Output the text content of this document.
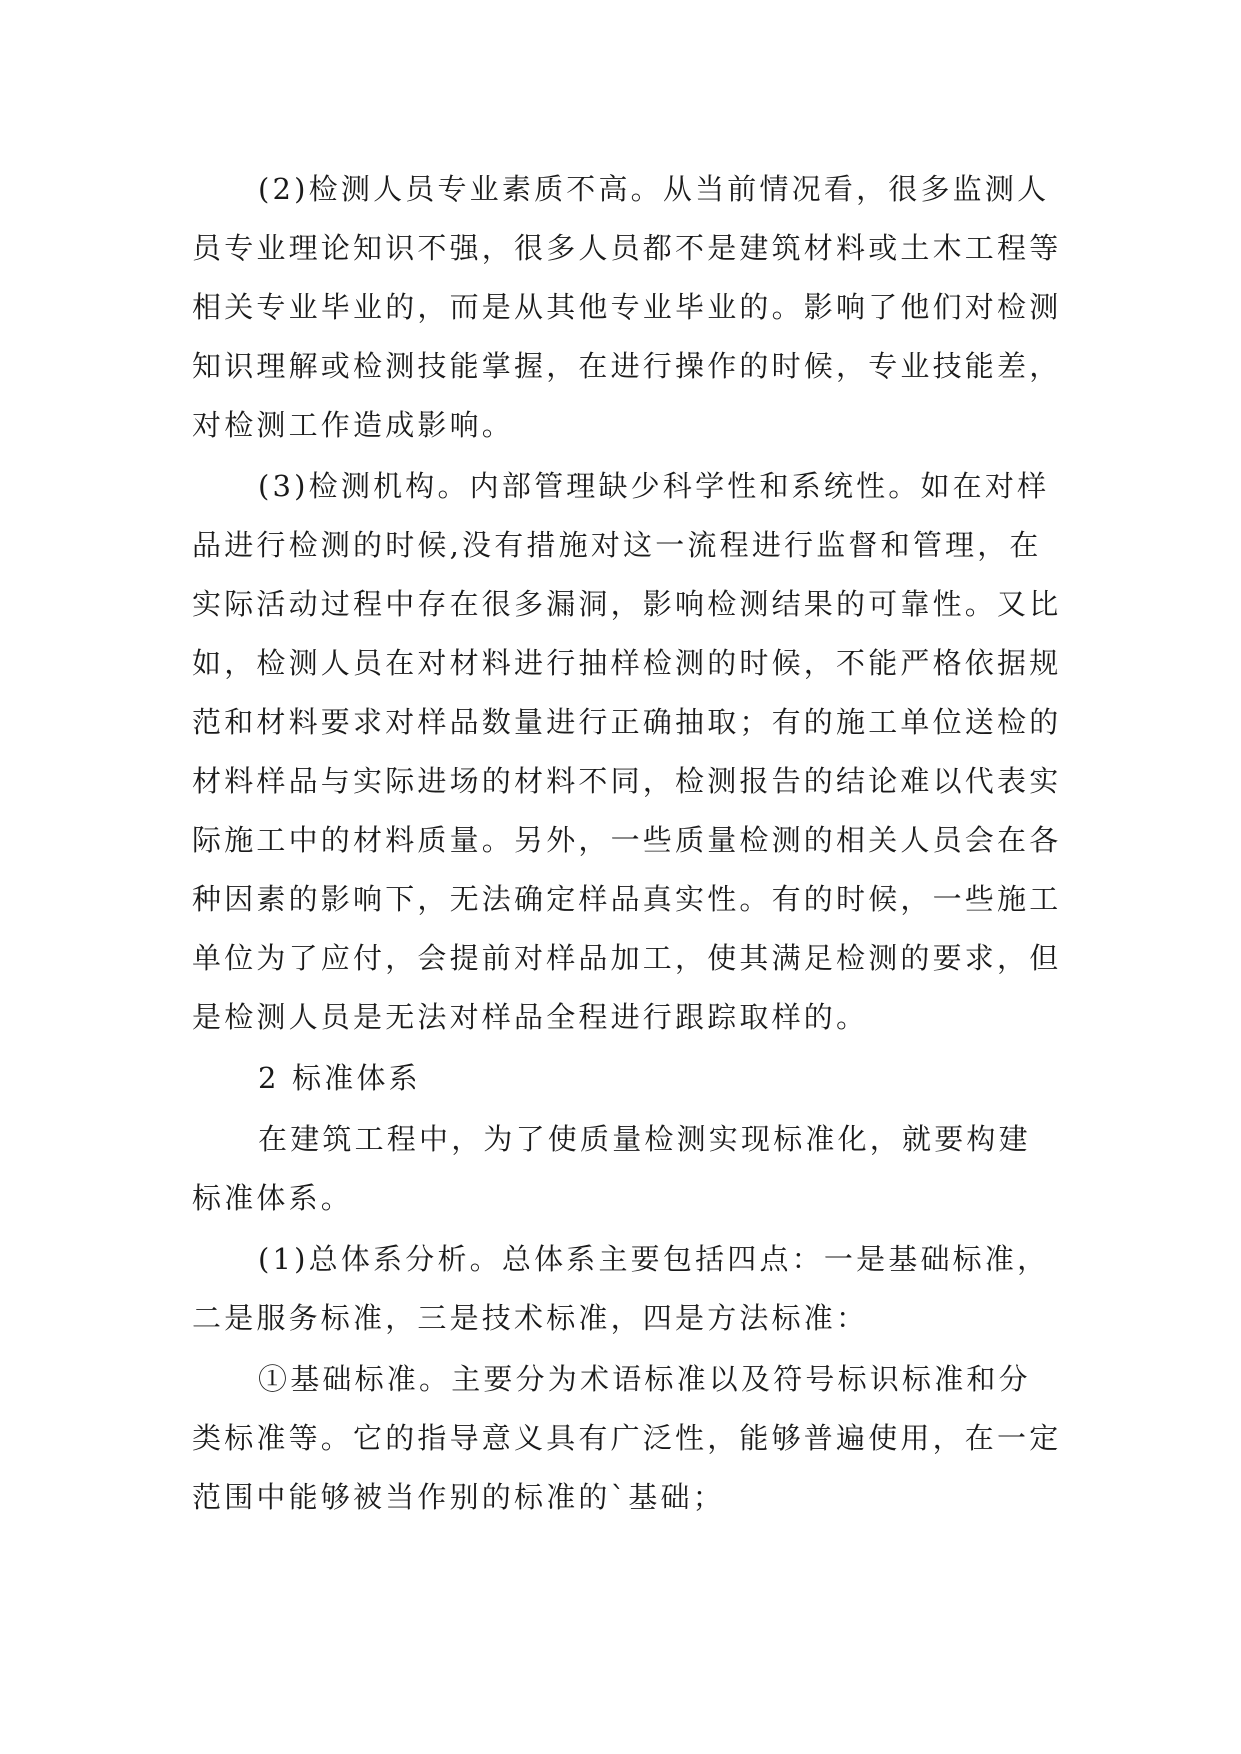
(2)检测人员专业素质不高。从当前情况看，很多监测人员专业理论知识不强，很多人员都不是建筑材料或土木工程等相关专业毕业的，而是从其他专业毕业的。影响了他们对检测知识理解或检测技能掌握，在进行操作的时候，专业技能差，对检测工作造成影响。

(3)检测机构。内部管理缺少科学性和系统性。如在对样品进行检测的时候,没有措施对这一流程进行监督和管理，在实际活动过程中存在很多漏洞，影响检测结果的可靠性。又比如，检测人员在对材料进行抽样检测的时候，不能严格依据规范和材料要求对样品数量进行正确抽取；有的施工单位送检的材料样品与实际进场的材料不同，检测报告的结论难以代表实际施工中的材料质量。另外，一些质量检测的相关人员会在各种因素的影响下，无法确定样品真实性。有的时候，一些施工单位为了应付，会提前对样品加工，使其满足检测的要求，但是检测人员是无法对样品全程进行跟踪取样的。

2 标准体系

在建筑工程中，为了使质量检测实现标准化，就要构建标准体系。

(1)总体系分析。总体系主要包括四点：一是基础标准，二是服务标准，三是技术标准，四是方法标准：

①基础标准。主要分为术语标准以及符号标识标准和分类标准等。它的指导意义具有广泛性，能够普遍使用，在一定范围中能够被当作别的标准的`基础；
